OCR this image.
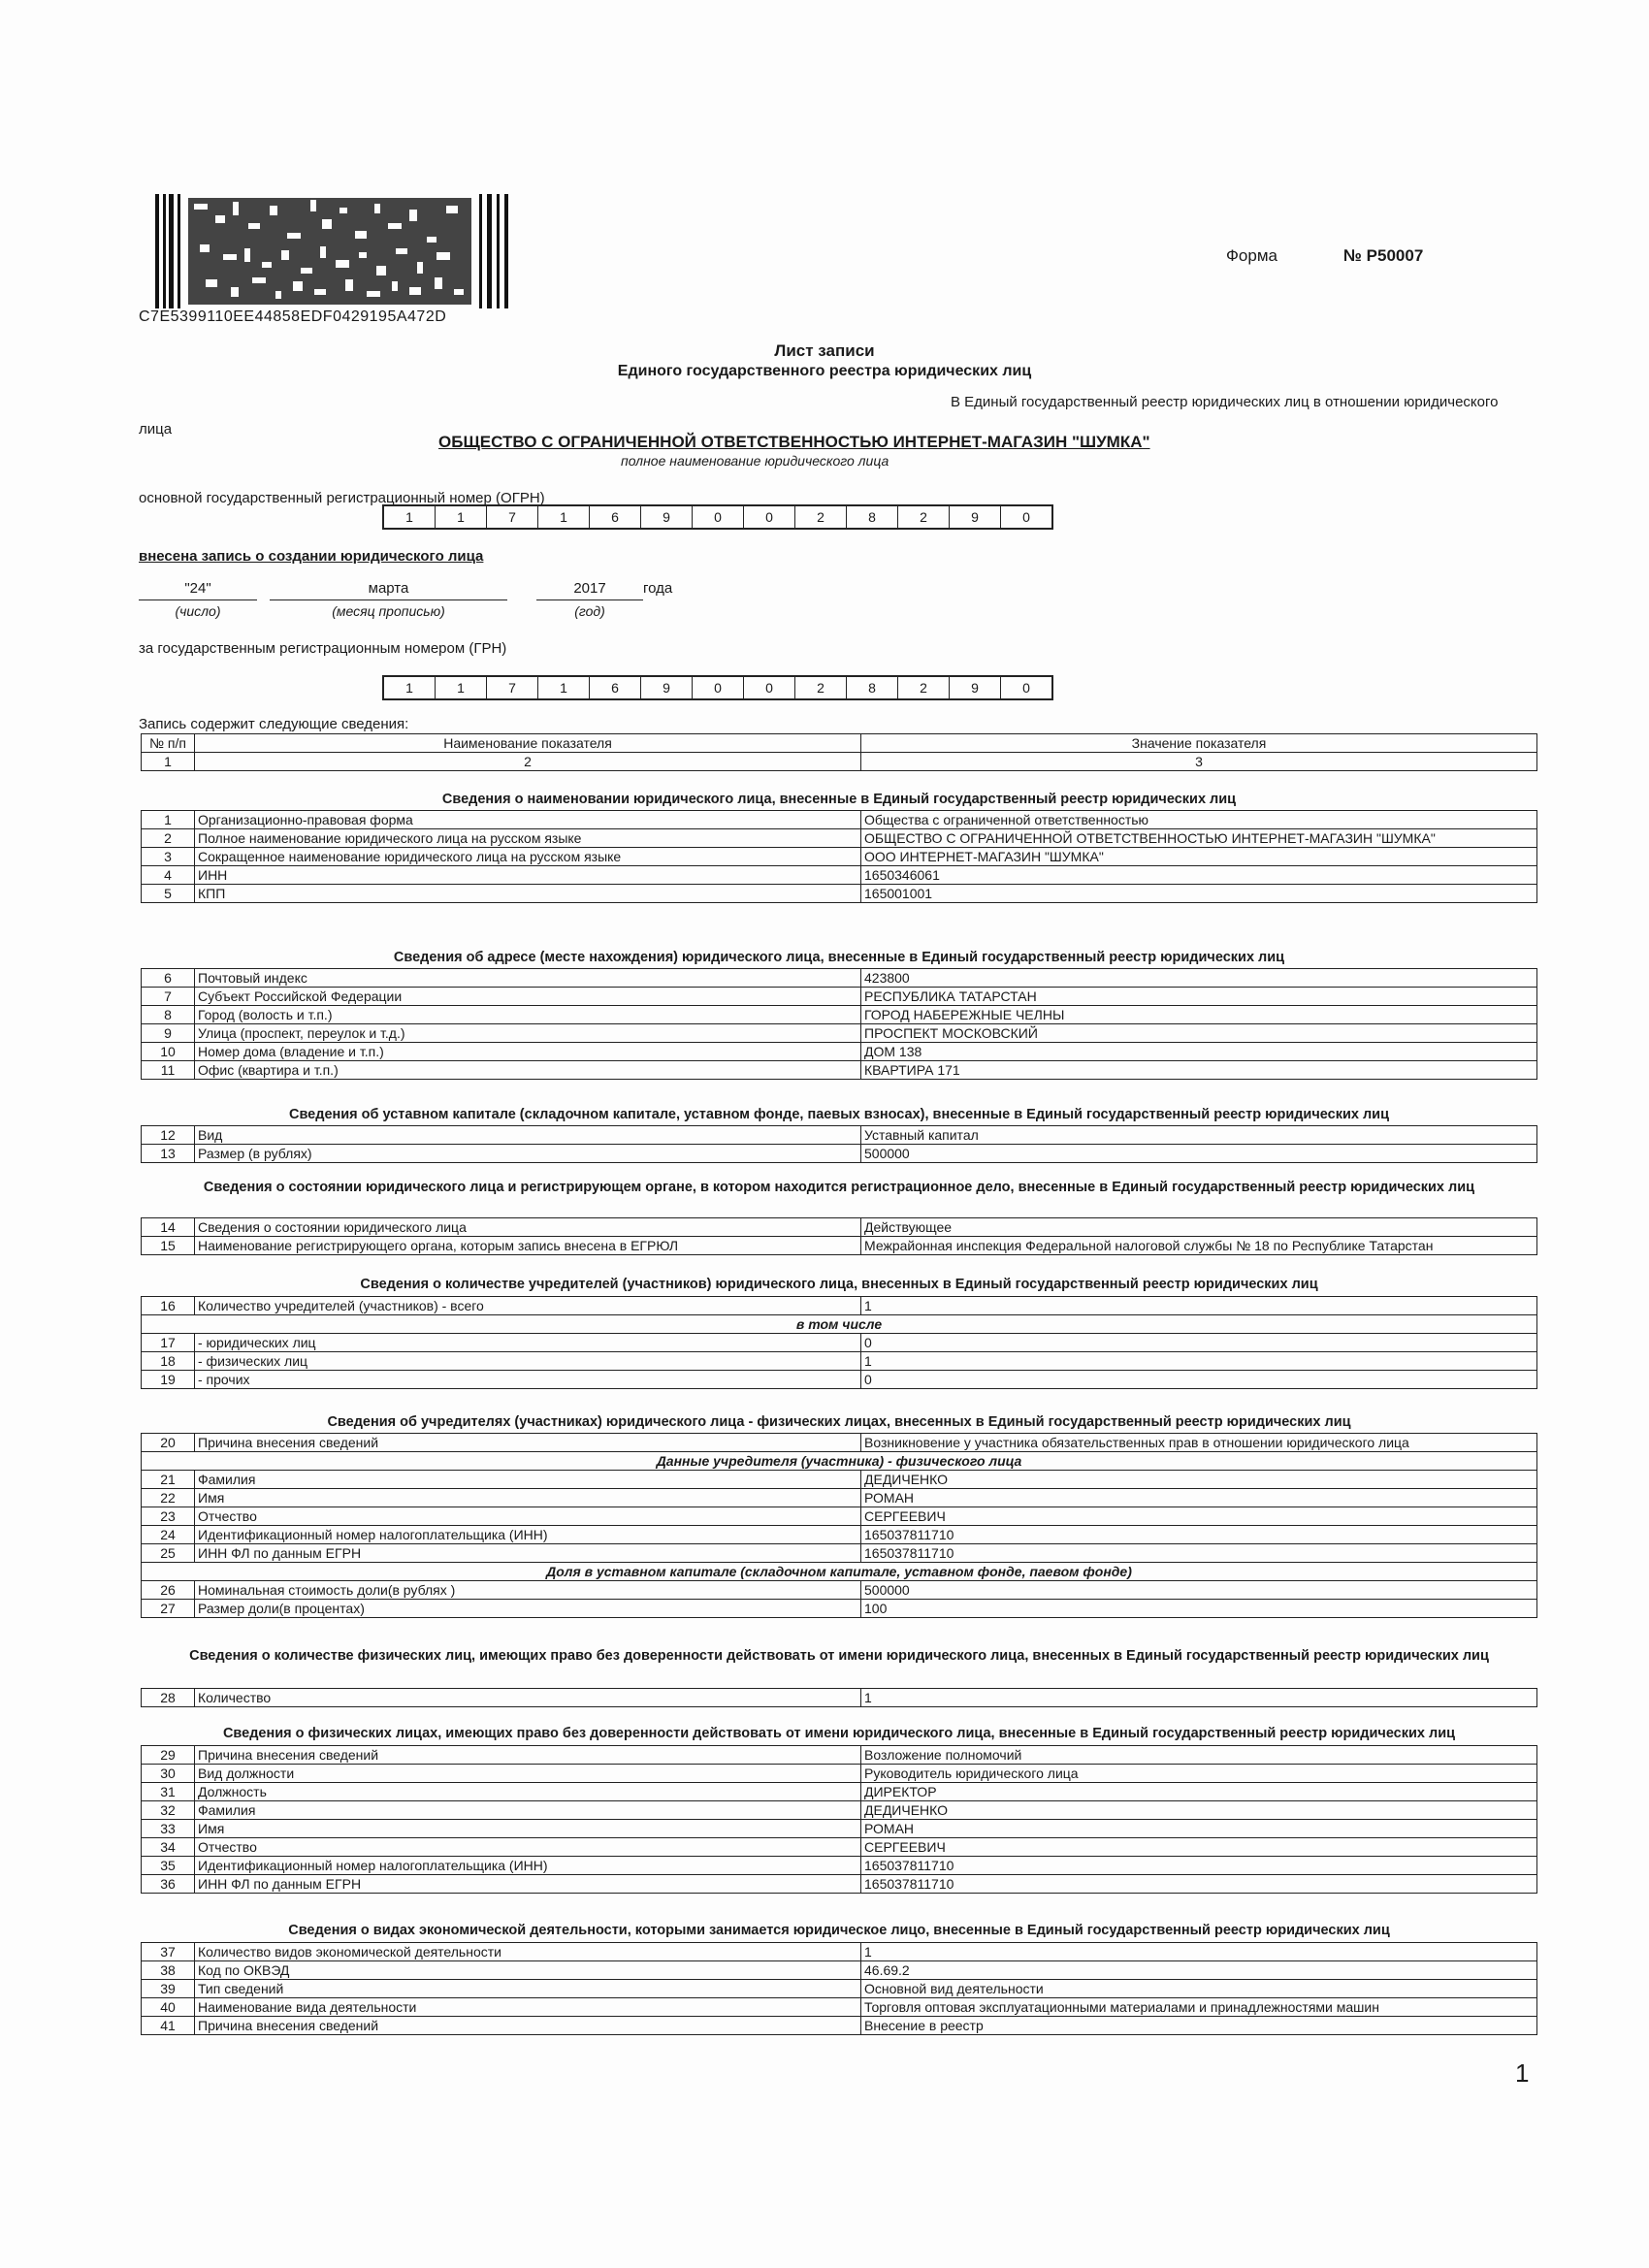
C7E5399110EE44858EDF0429195A472D
Форма	№ Р50007
Лист записи
Единого государственного реестра юридических лиц
В Единый государственный реестр юридических лиц в отношении юридического
лица
ОБЩЕСТВО С ОГРАНИЧЕННОЙ ОТВЕТСТВЕННОСТЬЮ ИНТЕРНЕТ-МАГАЗИН "ШУМКА"
полное наименование юридического лица
основной государственный регистрационный номер (ОГРН)
1	1	7	1	6	9	0	0	2	8	2	9	0
внесена запись о создании юридического лица
"24"	марта	2017	года
(число)	(месяц прописью)	(год)
за государственным регистрационным номером (ГРН)
1	1	7	1	6	9	0	0	2	8	2	9	0
Запись содержит следующие сведения:
№ п/п	Наименование показателя	Значение показателя
1	2	3
Сведения о наименовании юридического лица, внесенные в Единый государственный реестр юридических лиц
1	Организационно-правовая форма	Общества с ограниченной ответственностью
2	Полное наименование юридического лица на русском языке	ОБЩЕСТВО С ОГРАНИЧЕННОЙ ОТВЕТСТВЕННОСТЬЮ ИНТЕРНЕТ-МАГАЗИН "ШУМКА"
3	Сокращенное наименование юридического лица на русском языке	ООО ИНТЕРНЕТ-МАГАЗИН "ШУМКА"
4	ИНН	1650346061
5	КПП	165001001
Сведения об адресе (месте нахождения) юридического лица, внесенные в Единый государственный реестр юридических лиц
6	Почтовый индекс	423800
7	Субъект Российской Федерации	РЕСПУБЛИКА ТАТАРСТАН
8	Город (волость и т.п.)	ГОРОД НАБЕРЕЖНЫЕ ЧЕЛНЫ
9	Улица (проспект, переулок и т.д.)	ПРОСПЕКТ МОСКОВСКИЙ
10	Номер дома (владение и т.п.)	ДОМ 138
11	Офис (квартира и т.п.)	КВАРТИРА 171
Сведения об уставном капитале (складочном капитале, уставном фонде, паевых взносах), внесенные в Единый государственный реестр юридических лиц
12	Вид	Уставный капитал
13	Размер (в рублях)	500000
Сведения о состоянии юридического лица и регистрирующем органе, в котором находится регистрационное дело, внесенные в Единый государственный реестр юридических лиц
14	Сведения о состоянии юридического лица	Действующее
15	Наименование регистрирующего органа, которым запись внесена в ЕГРЮЛ	Межрайонная инспекция Федеральной налоговой службы № 18 по Республике Татарстан
Сведения о количестве учредителей (участников) юридического лица, внесенных в Единый государственный реестр юридических лиц
16	Количество учредителей (участников) - всего	1
в том числе		
17	- юридических лиц	0
18	- физических лиц	1
19	- прочих	0
Сведения об учредителях (участниках) юридического лица - физических лицах, внесенных в Единый государственный реестр юридических лиц
20	Причина внесения сведений	Возникновение у участника обязательственных прав в отношении юридического лица
Данные учредителя (участника) - физического лица		
21	Фамилия	ДЕДИЧЕНКО
22	Имя	РОМАН
23	Отчество	СЕРГЕЕВИЧ
24	Идентификационный номер налогоплательщика (ИНН)	165037811710
25	ИНН ФЛ по данным ЕГРН	165037811710
Доля в уставном капитале (складочном капитале, уставном фонде, паевом фонде)		
26	Номинальная стоимость доли(в рублях )	500000
27	Размер доли(в процентах)	100
Сведения о количестве физических лиц, имеющих право без доверенности действовать от имени юридического лица, внесенных в Единый государственный реестр юридических лиц
28	Количество	1
Сведения о физических лицах, имеющих право без доверенности действовать от имени юридического лица, внесенные в Единый государственный реестр юридических лиц
29	Причина внесения сведений	Возложение полномочий
30	Вид должности	Руководитель юридического лица
31	Должность	ДИРЕКТОР
32	Фамилия	ДЕДИЧЕНКО
33	Имя	РОМАН
34	Отчество	СЕРГЕЕВИЧ
35	Идентификационный номер налогоплательщика (ИНН)	165037811710
36	ИНН ФЛ по данным ЕГРН	165037811710
Сведения о видах экономической деятельности, которыми занимается юридическое лицо, внесенные в Единый государственный реестр юридических лиц
37	Количество видов экономической деятельности	1
38	Код по ОКВЭД	46.69.2
39	Тип сведений	Основной вид деятельности
40	Наименование вида деятельности	Торговля оптовая эксплуатационными материалами и принадлежностями машин
41	Причина внесения сведений	Внесение в реестр
1
